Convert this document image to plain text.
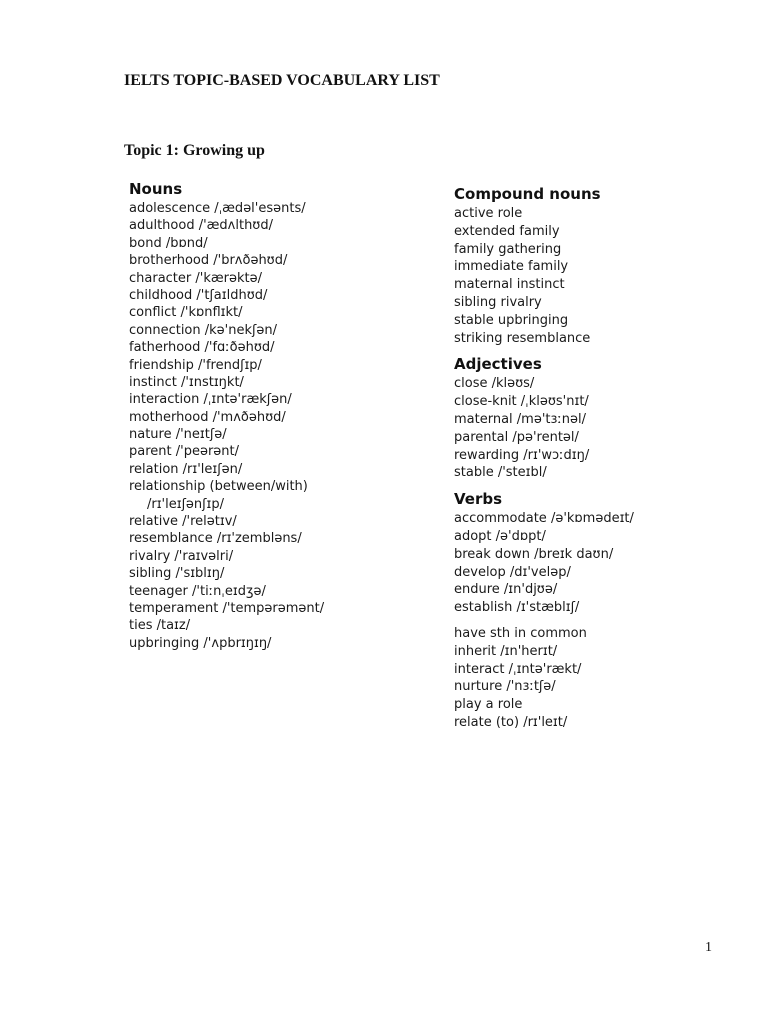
IELTS TOPIC-BASED VOCABULARY LIST
Topic 1: Growing up
Nouns
adolescence /ˌædəl'esənts/
adulthood /'ædʌlthʊd/
bond /bɒnd/
brotherhood /'brʌðəhʊd/
character /'kærəktə/
childhood /'tʃaɪldhʊd/
conflict /'kɒnflɪkt/
connection /kə'nekʃən/
fatherhood /'fɑːðəhʊd/
friendship /'frendʃɪp/
instinct /'ɪnstɪŋkt/
interaction /ˌɪntə'rækʃən/
motherhood /'mʌðəhʊd/
nature /'neɪtʃə/
parent /'peərənt/
relation /rɪ'leɪʃən/
relationship (between/with)
/rɪ'leɪʃənʃɪp/
relative /'relətɪv/
resemblance /rɪ'zembləns/
rivalry /'raɪvəlri/
sibling /'sɪblɪŋ/
teenager /'tiːnˌeɪdʒə/
temperament /'tempərəmənt/
ties /taɪz/
upbringing /'ʌpbrɪŋɪŋ/
Compound nouns
active role
extended family
family gathering
immediate family
maternal instinct
sibling rivalry
stable upbringing
striking resemblance
Adjectives
close /kləʊs/
close-knit /ˌkləʊs'nɪt/
maternal /mə'tɜːnəl/
parental /pə'rentəl/
rewarding /rɪ'wɔːdɪŋ/
stable /'steɪbl/
Verbs
accommodate /ə'kɒmədeɪt/
adopt /ə'dɒpt/
break down /breɪk daʊn/
develop /dɪ'veləp/
endure /ɪn'djʊə/
establish /ɪ'stæblɪʃ/
have sth in common
inherit /ɪn'herɪt/
interact /ˌɪntə'rækt/
nurture /'nɜːtʃə/
play a role
relate (to) /rɪ'leɪt/
1
